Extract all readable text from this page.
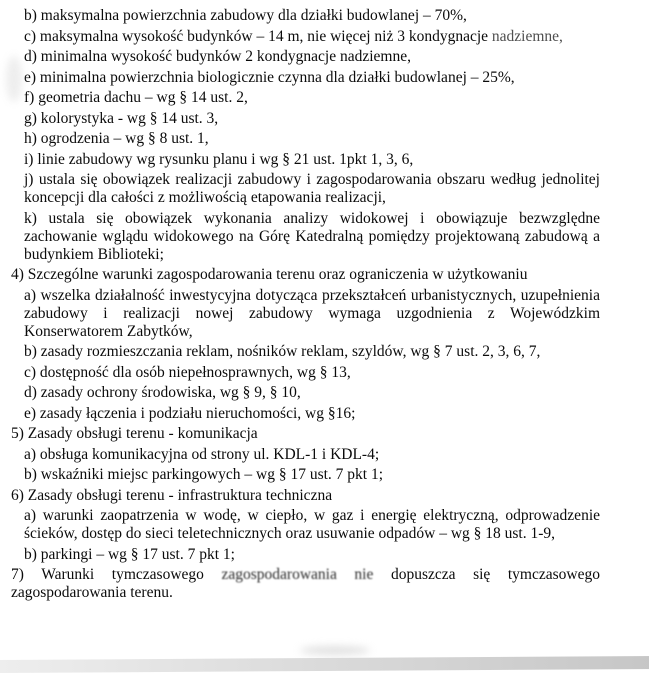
b) maksymalna powierzchnia zabudowy dla działki budowlanej – 70%,

c) maksymalna wysokość budynków – 14 m, nie więcej niż 3 kondygnacje nadziemne,

d) minimalna wysokość budynków 2 kondygnacje nadziemne,

e) minimalna powierzchnia biologicznie czynna dla działki budowlanej – 25%,

f) geometria dachu – wg § 14 ust. 2,

g) kolorystyka - wg § 14 ust. 3,

h) ogrodzenia – wg § 8 ust. 1,

i) linie zabudowy wg rysunku planu i wg § 21 ust. 1pkt 1, 3, 6,

j) ustala się obowiązek realizacji zabudowy i zagospodarowania obszaru według jednolitej koncepcji dla całości z możliwością etapowania realizacji,

k) ustala się obowiązek wykonania analizy widokowej i obowiązuje bezwzględne zachowanie wglądu widokowego na Górę Katedralną pomiędzy projektowaną zabudową a budynkiem Biblioteki;

4) Szczególne warunki zagospodarowania terenu oraz ograniczenia w użytkowaniu

a) wszelka działalność inwestycyjna dotycząca przekształceń urbanistycznych, uzupełnienia zabudowy i realizacji nowej zabudowy wymaga uzgodnienia z Wojewódzkim Konserwatorem Zabytków,

b) zasady rozmieszczania reklam, nośników reklam, szyldów, wg § 7 ust. 2, 3, 6, 7,

c) dostępność dla osób niepełnosprawnych, wg § 13,

d) zasady ochrony środowiska, wg § 9, § 10,

e) zasady łączenia i podziału nieruchomości, wg §16;

5) Zasady obsługi terenu - komunikacja

a) obsługa komunikacyjna od strony ul. KDL-1 i KDL-4;

b) wskaźniki miejsc parkingowych – wg § 17 ust. 7 pkt 1;

6) Zasady obsługi terenu - infrastruktura techniczna

a) warunki zaopatrzenia w wodę, w ciepło, w gaz i energię elektryczną, odprowadzenie ścieków, dostęp do sieci teletechnicznych oraz usuwanie odpadów – wg § 18 ust. 1-9,

b) parkingi – wg § 17 ust. 7 pkt 1;

7) Warunki tymczasowego zagospodarowania nie dopuszcza się tymczasowego zagospodarowania terenu.
